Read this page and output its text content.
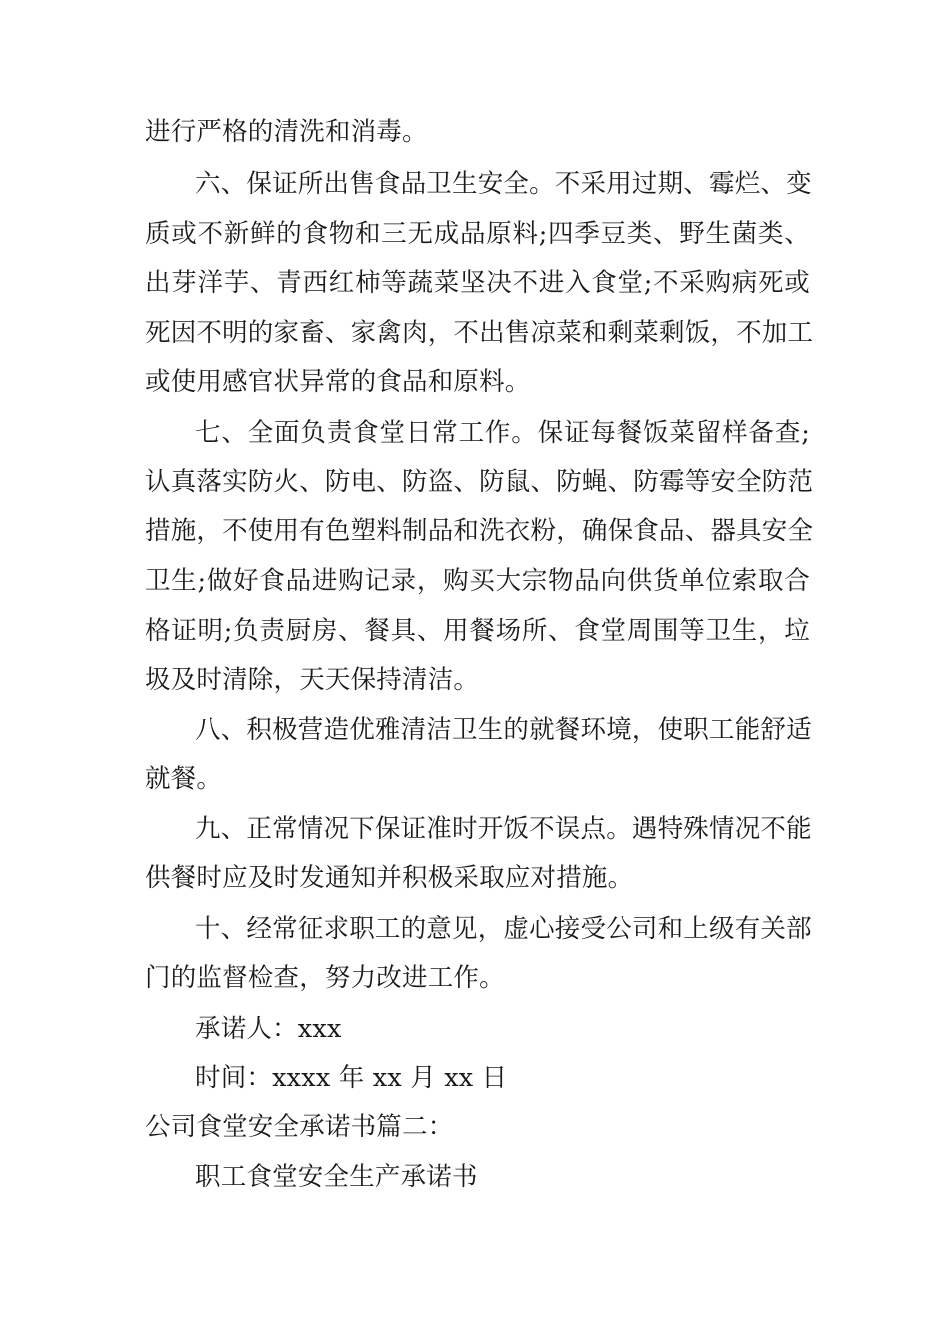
进行严格的清洗和消毒。
六、保证所出售食品卫生安全。不采用过期、霉烂、变
质或不新鲜的食物和三无成品原料;四季豆类、野生菌类、
出芽洋芋、青西红柿等蔬菜坚决不进入食堂;不采购病死或
死因不明的家畜、家禽肉，不出售凉菜和剩菜剩饭，不加工
或使用感官状异常的食品和原料。
七、全面负责食堂日常工作。保证每餐饭菜留样备查;
认真落实防火、防电、防盗、防鼠、防蝇、防霉等安全防范
措施，不使用有色塑料制品和洗衣粉，确保食品、器具安全
卫生;做好食品进购记录，购买大宗物品向供货单位索取合
格证明;负责厨房、餐具、用餐场所、食堂周围等卫生，垃
圾及时清除，天天保持清洁。
八、积极营造优雅清洁卫生的就餐环境，使职工能舒适
就餐。
九、正常情况下保证准时开饭不误点。遇特殊情况不能
供餐时应及时发通知并积极采取应对措施。
十、经常征求职工的意见，虚心接受公司和上级有关部
门的监督检查，努力改进工作。
承诺人：xxx
时间：xxxx 年 xx 月 xx 日
公司食堂安全承诺书篇二：
职工食堂安全生产承诺书
